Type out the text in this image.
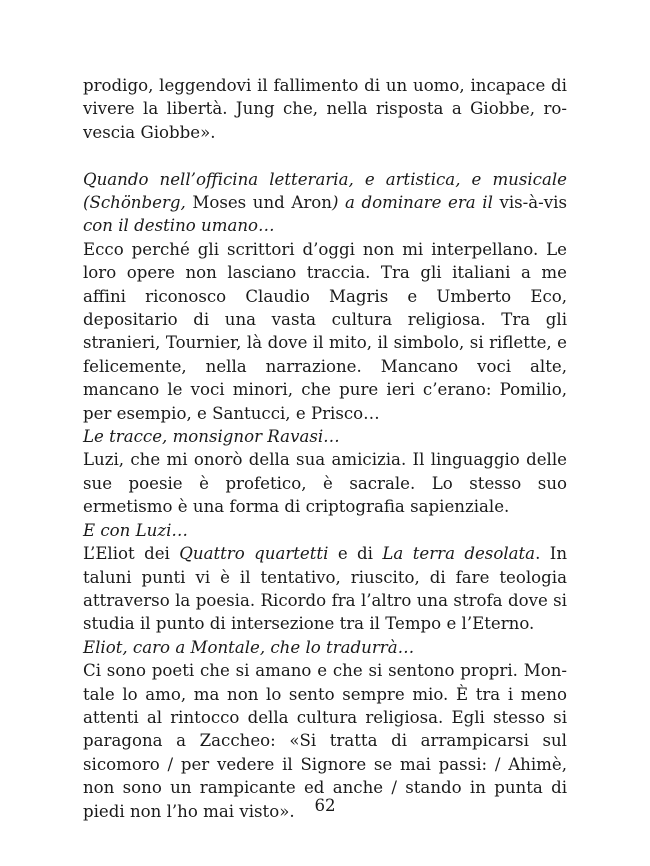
prodigo, leggendovi il fallimento di un uomo, incapace di vivere la libertà. Jung che, nella risposta a Giobbe, rovescia Giobbe».

Quando nell’officina letteraria, e artistica, e musicale (Schönberg, Moses und Aron) a dominare era il vis-à-vis con il destino umano…

Ecco perché gli scrittori d’oggi non mi interpellano. Le loro opere non lasciano traccia. Tra gli italiani a me affini riconosco Claudio Magris e Umberto Eco, depositario di una vasta cultura religiosa. Tra gli stranieri, Tournier, là dove il mito, il simbolo, si riflette, e felicemente, nella narrazione. Mancano voci alte, mancano le voci minori, che pure ieri c’erano: Pomilio, per esempio, e Santucci, e Prisco…

Le tracce, monsignor Ravasi…

Luzi, che mi onorò della sua amicizia. Il linguaggio delle sue poesie è profetico, è sacrale. Lo stesso suo ermetismo è una forma di criptografia sapienziale.

E con Luzi…

L’Eliot dei Quattro quartetti e di La terra desolata. In taluni punti vi è il tentativo, riuscito, di fare teologia attraverso la poesia. Ricordo fra l’altro una strofa dove si studia il punto di intersezione tra il Tempo e l’Eterno.

Eliot, caro a Montale, che lo tradurrà…

Ci sono poeti che si amano e che si sentono propri. Montale lo amo, ma non lo sento sempre mio. È tra i meno attenti al rintocco della cultura religiosa. Egli stesso si paragona a Zaccheo: «Si tratta di arrampicarsi sul sicomoro / per vedere il Signore se mai passi: / Ahimè, non sono un rampicante ed anche / stando in punta di piedi non l’ho mai visto».	62
